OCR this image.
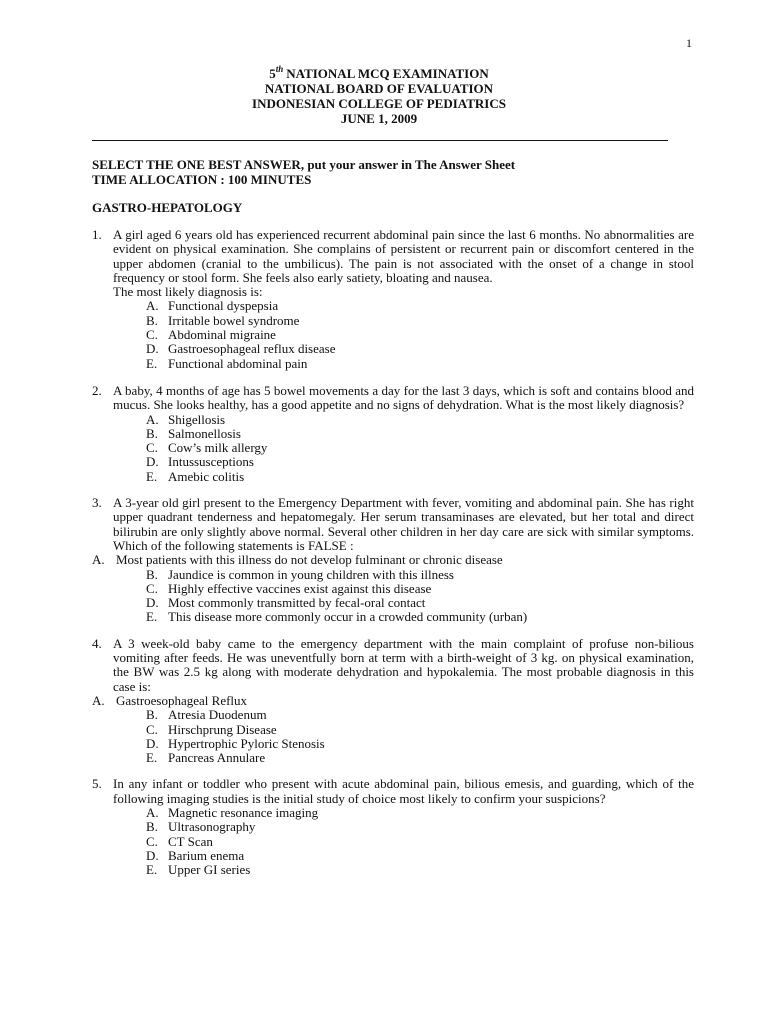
1
5th NATIONAL MCQ EXAMINATION
NATIONAL BOARD OF EVALUATION
INDONESIAN COLLEGE OF PEDIATRICS
JUNE 1, 2009
SELECT THE ONE BEST ANSWER, put your answer in The Answer Sheet
TIME ALLOCATION : 100 MINUTES
GASTRO-HEPATOLOGY
1. A girl aged 6 years old has experienced recurrent abdominal pain since the last 6 months. No abnormalities are evident on physical examination. She complains of persistent or recurrent pain or discomfort centered in the upper abdomen (cranial to the umbilicus). The pain is not associated with the onset of a change in stool frequency or stool form. She feels also early satiety, bloating and nausea.
The most likely diagnosis is:
A. Functional dyspepsia
B. Irritable bowel syndrome
C. Abdominal migraine
D. Gastroesophageal reflux disease
E. Functional abdominal pain
2. A baby, 4 months of age has 5 bowel movements a day for the last 3 days, which is soft and contains blood and mucus. She looks healthy, has a good appetite and no signs of dehydration. What is the most likely diagnosis?
A. Shigellosis
B. Salmonellosis
C. Cow’s milk allergy
D. Intussusceptions
E. Amebic colitis
3. A 3-year old girl present to the Emergency Department with fever, vomiting and abdominal pain. She has right upper quadrant tenderness and hepatomegaly. Her serum transaminases are elevated, but her total and direct bilirubin are only slightly above normal. Several other children in her day care are sick with similar symptoms. Which of the following statements is FALSE :
A. Most patients with this illness do not develop fulminant or chronic disease
B. Jaundice is common in young children with this illness
C. Highly effective vaccines exist against this disease
D. Most commonly transmitted by fecal-oral contact
E. This disease more commonly occur in a crowded community (urban)
4. A 3 week-old baby came to the emergency department with the main complaint of profuse non-bilious vomiting after feeds. He was uneventfully born at term with a birth-weight of 3 kg. on physical examination, the BW was 2.5 kg along with moderate dehydration and hypokalemia. The most probable diagnosis in this case is:
A. Gastroesophageal Reflux
B. Atresia Duodenum
C. Hirschprung Disease
D. Hypertrophic Pyloric Stenosis
E. Pancreas Annulare
5. In any infant or toddler who present with acute abdominal pain, bilious emesis, and guarding, which of the following imaging studies is the initial study of choice most likely to confirm your suspicions?
A. Magnetic resonance imaging
B. Ultrasonography
C. CT Scan
D. Barium enema
E. Upper GI series
